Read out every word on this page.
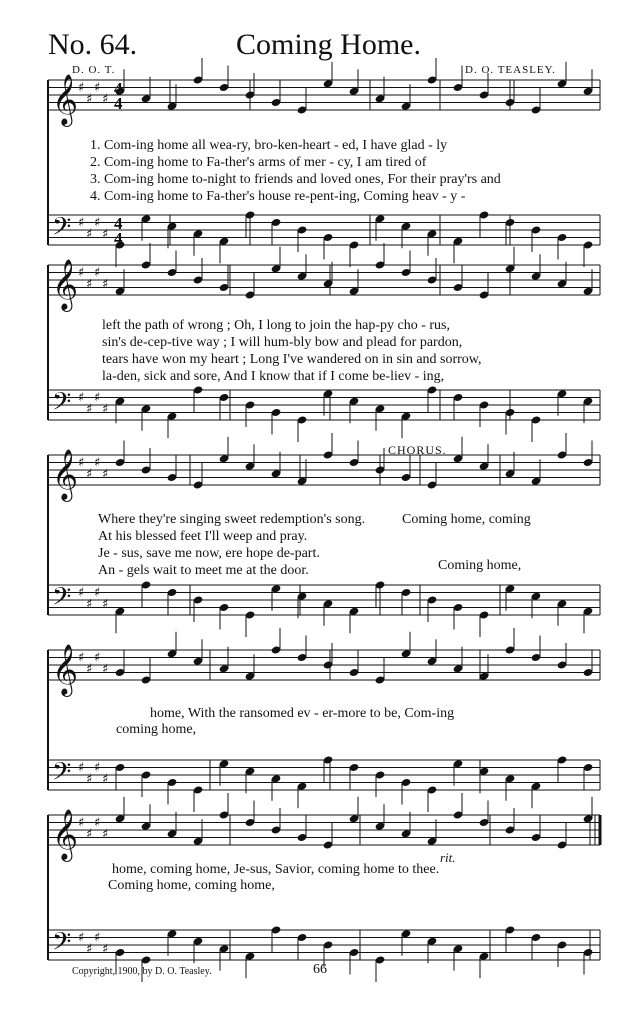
No. 64.	Coming Home.
D. O. T.	D. O. TEASLEY.
𝄞 ♯
♯
♯
♯
𝄢 ♯
♯
♯
♯
𝄞 ♯
♯
♯
♯
𝄢 ♯
♯
♯
♯
𝄞 ♯
♯
♯
♯
𝄢 ♯
♯
♯
♯
𝄞 ♯
♯
♯
♯
𝄢 ♯
♯
♯
♯
𝄞 ♯
♯
♯
♯
𝄢 ♯
♯
♯
♯
4
4
4
4
1. Com-ing home all wea-ry, bro-ken-heart - ed, I have glad - ly
2. Com-ing home to Fa-ther's arms of mer - cy, I am tired of
3. Com-ing home to-night to friends and loved ones, For their pray'rs and
4. Com-ing home to Fa-ther's house re-pent-ing, Coming heav - y -
left the path of wrong ; Oh, I long to join the hap-py cho - rus,
sin's de-cep-tive way ; I will hum-bly bow and plead for pardon,
tears have won my heart ; Long I've wandered on in sin and sorrow,
la-den, sick and sore, And I know that if I come be-liev - ing,
CHORUS.
Where they're singing sweet redemption's song.
At his blessed feet I'll weep and pray.
Je - sus, save me now, ere hope de-part.
An - gels wait to meet me at the door.
Coming home, coming
Coming home,
home, With the ransomed ev - er-more to be, Com-ing
coming home,
rit.
home, coming home, Je-sus, Savior, coming home to thee.
Coming home, coming home,
Copyright, 1900, by D. O. Teasley.	66
